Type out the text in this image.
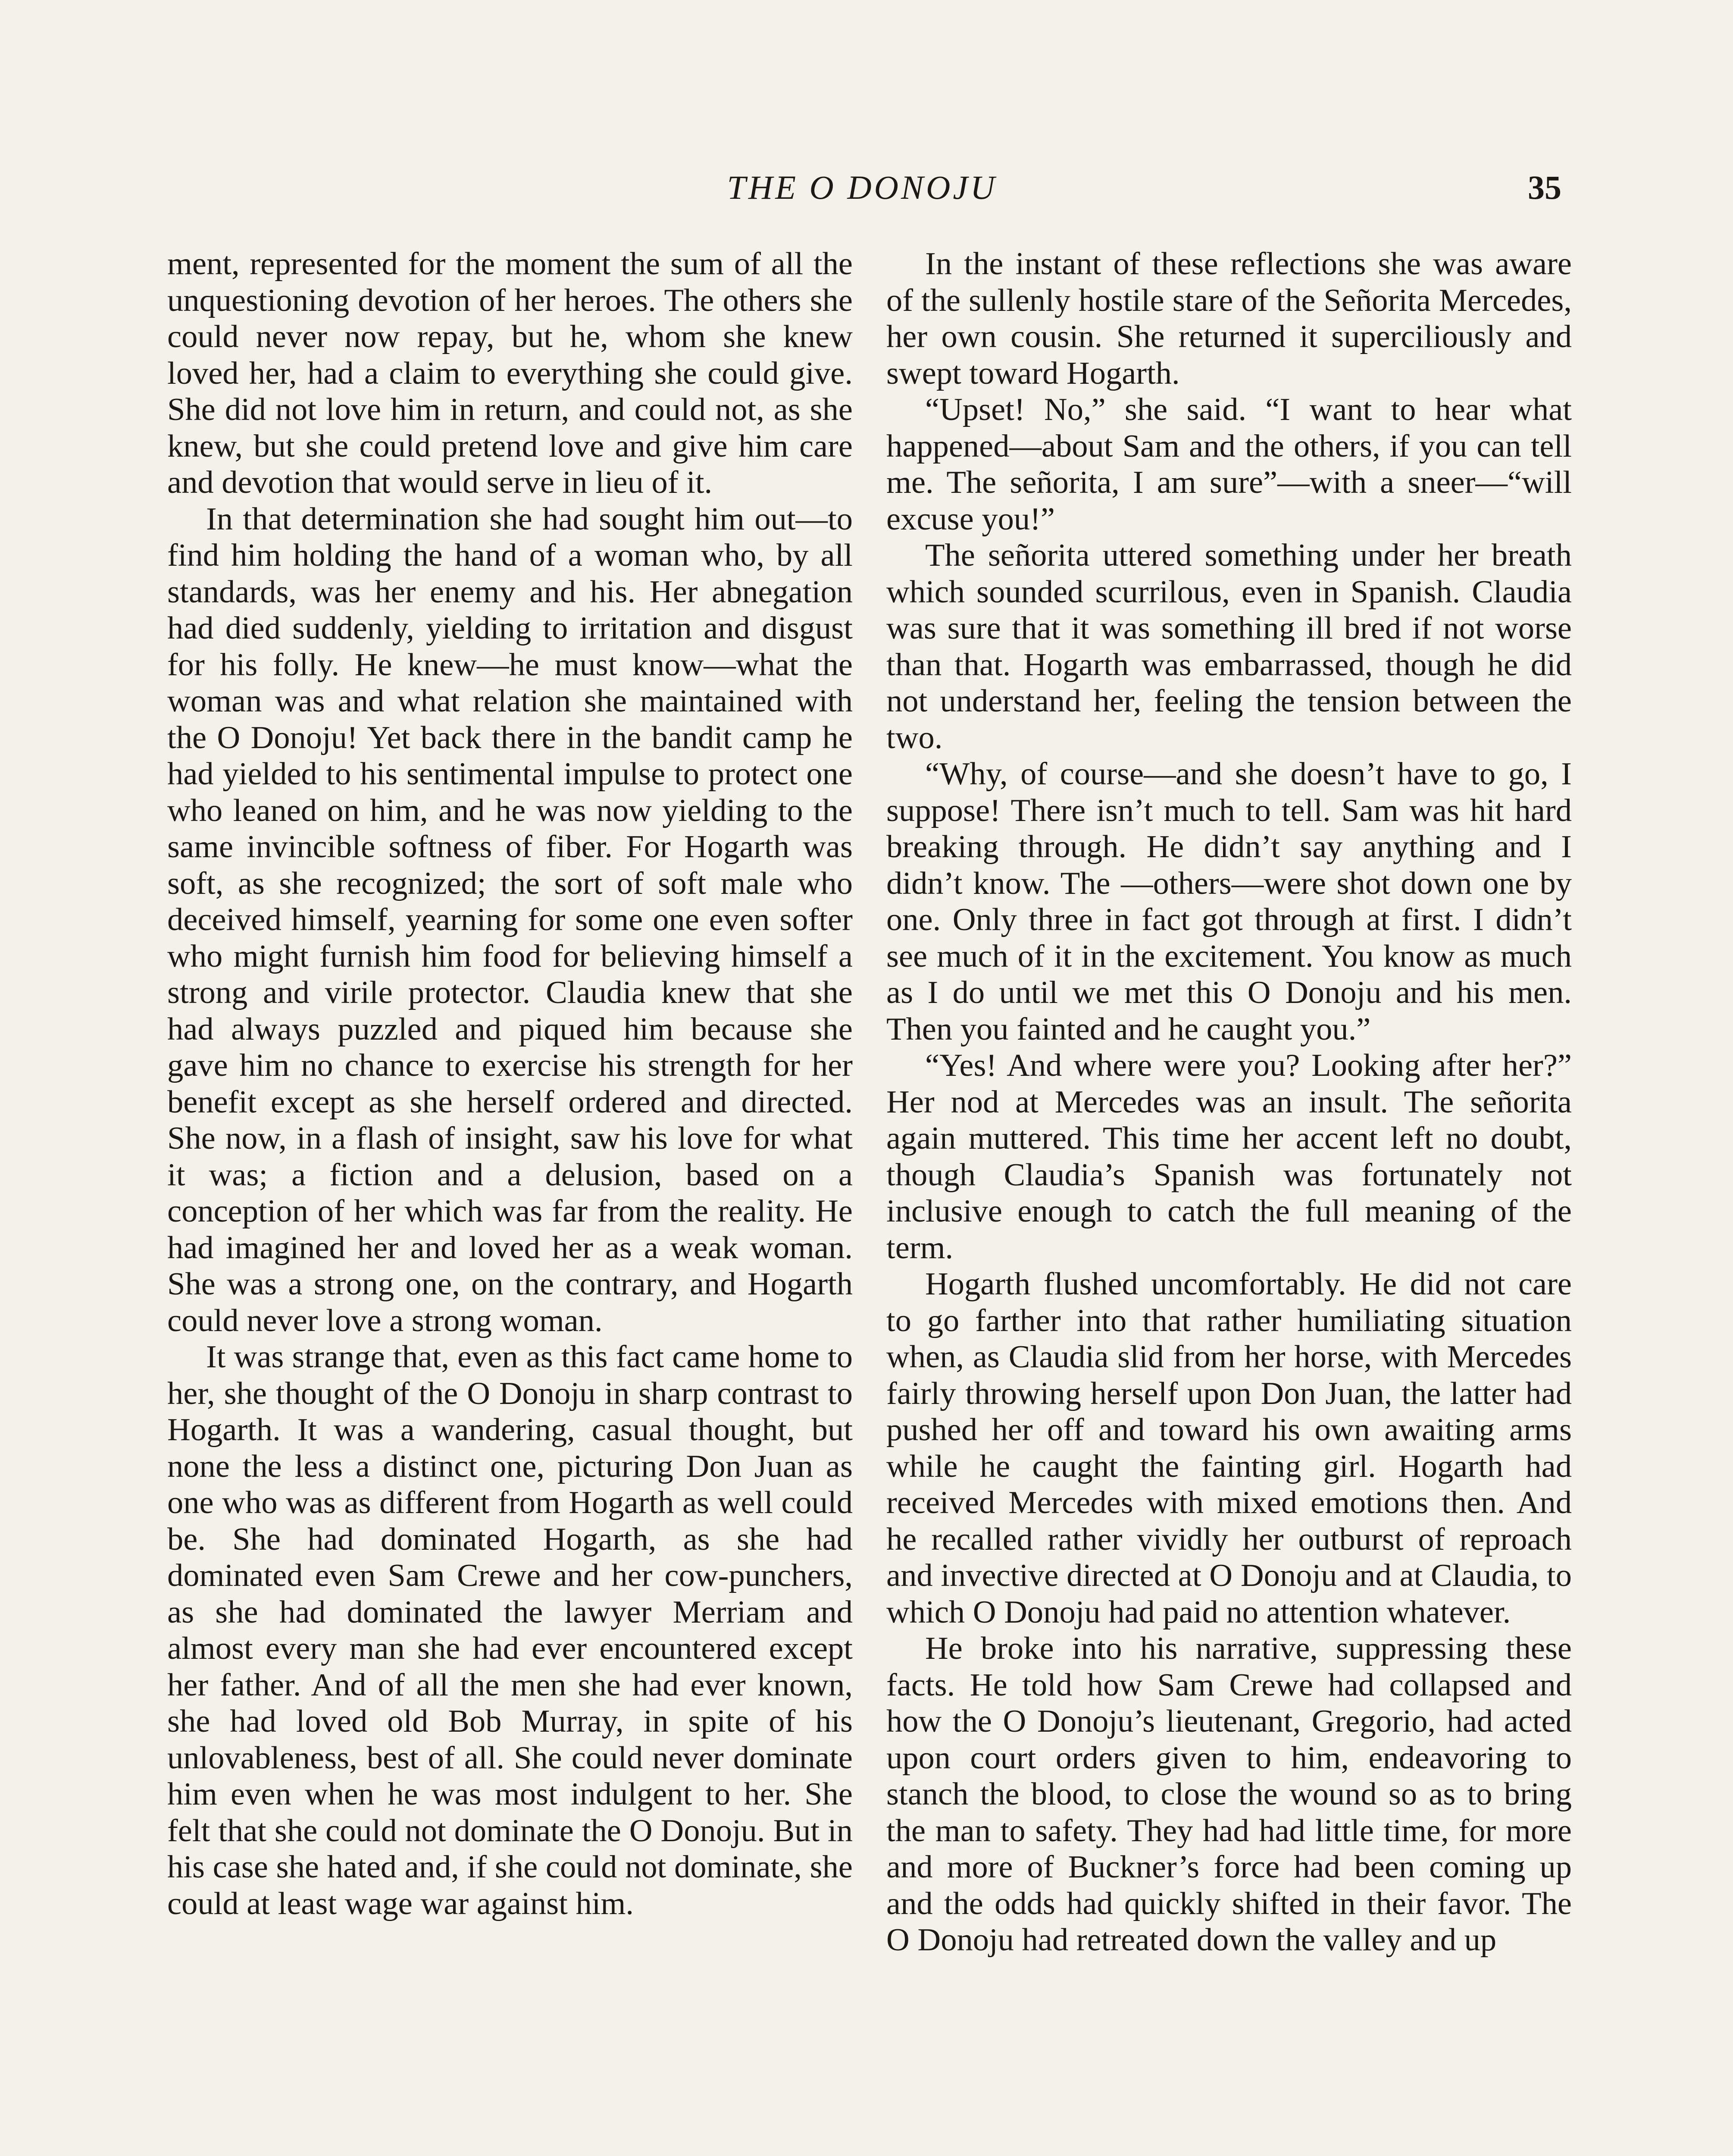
THE O DONOJU	35

ment, represented for the moment the sum of all the unquestioning devotion of her heroes. The others she could never now repay, but he, whom she knew loved her, had a claim to everything she could give. She did not love him in return, and could not, as she knew, but she could pretend love and give him care and devotion that would serve in lieu of it.

In that determination she had sought him out—to find him holding the hand of a woman who, by all standards, was her enemy and his. Her abnegation had died suddenly, yielding to irritation and disgust for his folly. He knew—he must know—what the woman was and what relation she maintained with the O Donoju! Yet back there in the bandit camp he had yielded to his sentimental impulse to protect one who leaned on him, and he was now yielding to the same invincible softness of fiber. For Hogarth was soft, as she recognized; the sort of soft male who deceived himself, yearning for some one even softer who might furnish him food for believing himself a strong and virile protector. Claudia knew that she had always puzzled and piqued him because she gave him no chance to exercise his strength for her benefit except as she herself ordered and directed. She now, in a flash of insight, saw his love for what it was; a fiction and a delusion, based on a conception of her which was far from the reality. He had imagined her and loved her as a weak woman. She was a strong one, on the contrary, and Hogarth could never love a strong woman.

It was strange that, even as this fact came home to her, she thought of the O Donoju in sharp contrast to Hogarth. It was a wandering, casual thought, but none the less a distinct one, picturing Don Juan as one who was as different from Hogarth as well could be. She had dominated Hogarth, as she had dominated even Sam Crewe and her cow-punchers, as she had dominated the lawyer Merriam and almost every man she had ever encountered except her father. And of all the men she had ever known, she had loved old Bob Murray, in spite of his unlovableness, best of all. She could never dominate him even when he was most indulgent to her. She felt that she could not dominate the O Donoju. But in his case she hated and, if she could not dominate, she could at least wage war against him.

In the instant of these reflections she was aware of the sullenly hostile stare of the Señorita Mercedes, her own cousin. She returned it superciliously and swept toward Hogarth.

“Upset! No,” she said. “I want to hear what happened—about Sam and the others, if you can tell me. The señorita, I am sure”—with a sneer—“will excuse you!”

The señorita uttered something under her breath which sounded scurrilous, even in Spanish. Claudia was sure that it was something ill bred if not worse than that. Hogarth was embarrassed, though he did not understand her, feeling the tension between the two.

“Why, of course—and she doesn’t have to go, I suppose! There isn’t much to tell. Sam was hit hard breaking through. He didn’t say anything and I didn’t know. The —others—were shot down one by one. Only three in fact got through at first. I didn’t see much of it in the excitement. You know as much as I do until we met this O Donoju and his men. Then you fainted and he caught you.”

“Yes! And where were you? Looking after her?” Her nod at Mercedes was an insult. The señorita again muttered. This time her accent left no doubt, though Claudia’s Spanish was fortunately not inclusive enough to catch the full meaning of the term.

Hogarth flushed uncomfortably. He did not care to go farther into that rather humiliating situation when, as Claudia slid from her horse, with Mercedes fairly throwing herself upon Don Juan, the latter had pushed her off and toward his own awaiting arms while he caught the fainting girl. Hogarth had received Mercedes with mixed emotions then. And he recalled rather vividly her outburst of reproach and invective directed at O Donoju and at Claudia, to which O Donoju had paid no attention whatever.

He broke into his narrative, suppressing these facts. He told how Sam Crewe had collapsed and how the O Donoju’s lieutenant, Gregorio, had acted upon court orders given to him, endeavoring to stanch the blood, to close the wound so as to bring the man to safety. They had had little time, for more and more of Buckner’s force had been coming up and the odds had quickly shifted in their favor. The O Donoju had retreated down the valley and up
